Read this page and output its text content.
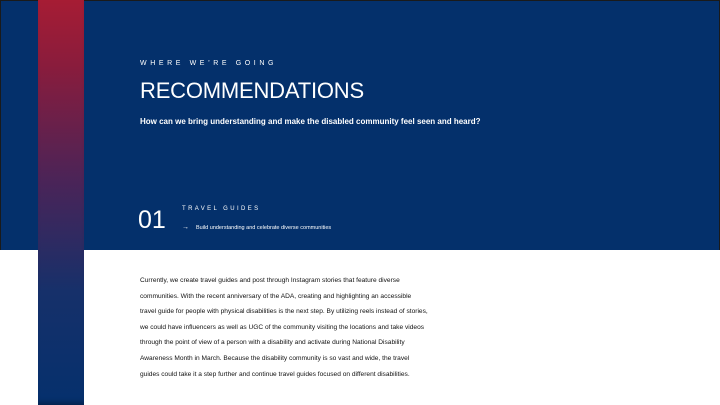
WHERE WE’RE GOING
RECOMMENDATIONS
How can we bring understanding and make the disabled community feel seen and heard?
01	TRAVEL GUIDES
→ Build understanding and celebrate diverse communities
Currently, we create travel guides and post through Instagram stories that feature diverse
communities. With the recent anniversary of the ADA, creating and highlighting an accessible
travel guide for people with physical disabilities is the next step. By utilizing reels instead of stories,
we could have influencers as well as UGC of the community visiting the locations and take videos
through the point of view of a person with a disability and activate during National Disability
Awareness Month in March. Because the disability community is so vast and wide, the travel
guides could take it a step further and continue travel guides focused on different disabilities.
